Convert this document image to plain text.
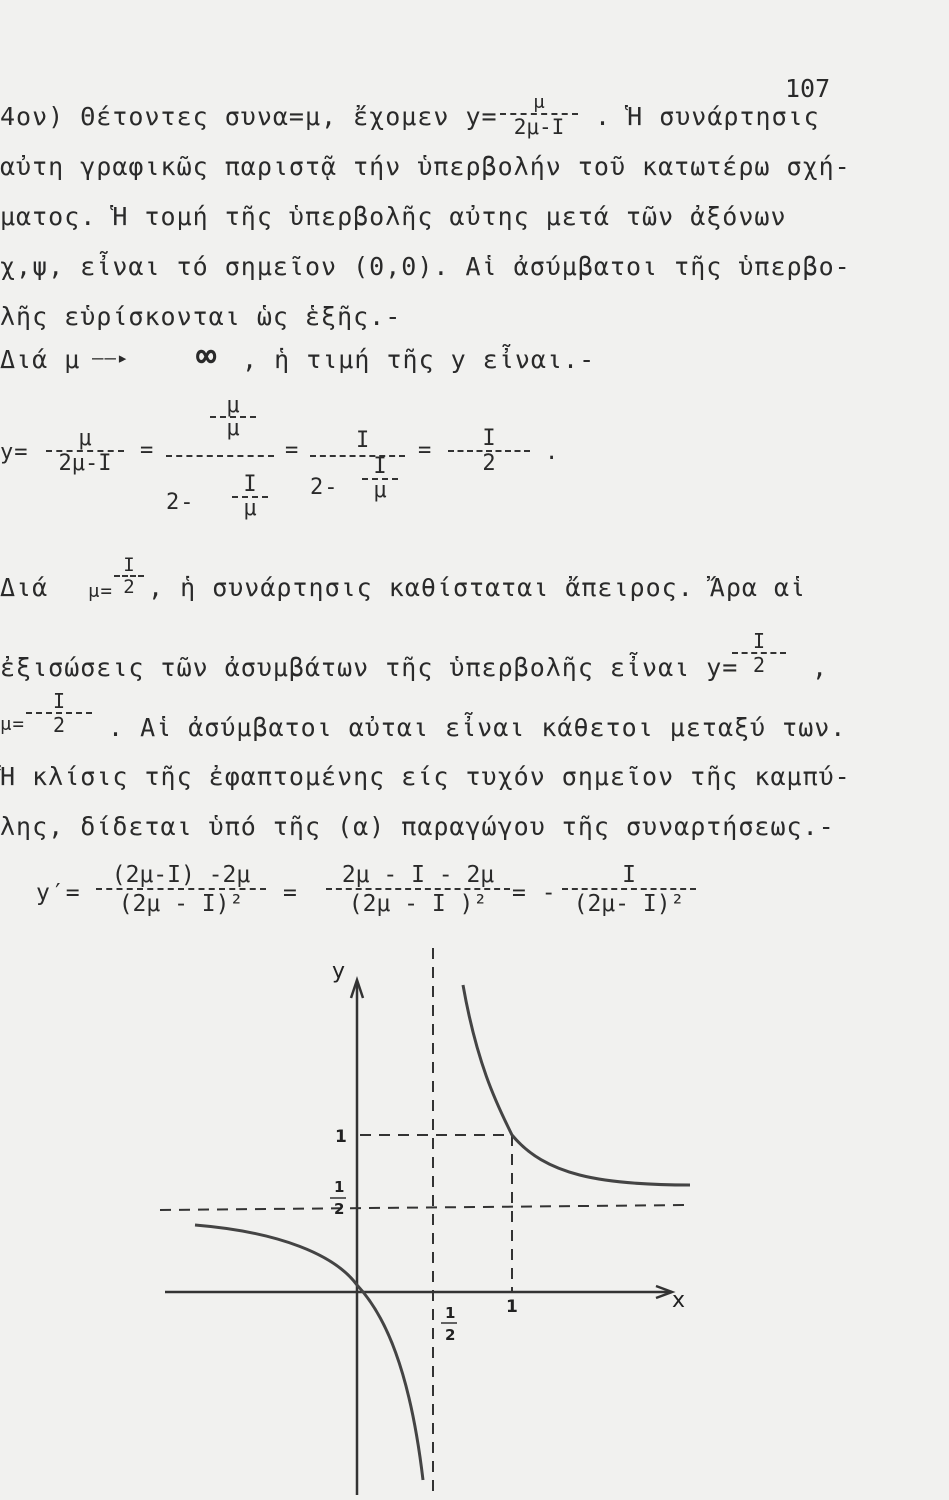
107
4ον) Θέτοντες συνα=μ, ἔχομεν y=	μ
2μ-I	. Ἡ συνάρτησις
αὐτη γραφικῶς παριστᾷ τήν ὑπερβολήν τοῦ κατωτέρω σχή-
ματος. Ἡ τομή τῆς ὑπερβολῆς αὐτης μετά τῶν ἀξόνων
χ,ψ, εἶναι τό σημεῖον (0,0). Αἱ ἀσύμβατοι τῆς ὑπερβο-
λῆς εὑρίσκονται ὡς ἑξῆς.-
Διά μ ——▸ ∞ , ἡ τιμή τῆς y εἶναι.-
y=
μ
2μ-I
=
μ
μ
2-
I
μ
=	I
2-
I
μ
=	I
2	.
Διά μ=
I
2 , ἡ συνάρτησις καθίσταται ἄπειρος. Ἄρα αἱ
ἐξισώσεις τῶν ἀσυμβάτων τῆς ὑπερβολῆς εἶναι y=
I
2	,
μ=
I
2	. Αἱ ἀσύμβατοι αὐται εἶναι κάθετοι μεταξύ των.
Ἡ κλίσις τῆς ἐφαπτομένης είς τυχόν σημεῖον τῆς καμπύ-
λης, δίδεται ὑπό τῆς (α) παραγώγου τῆς συναρτήσεως.-
y′=
(2μ-I) -2μ
(2μ - I)²	=
2μ - I - 2μ
(2μ - I )²	= -
I
(2μ- I)²
y
x
1
1
2
1
2
1
